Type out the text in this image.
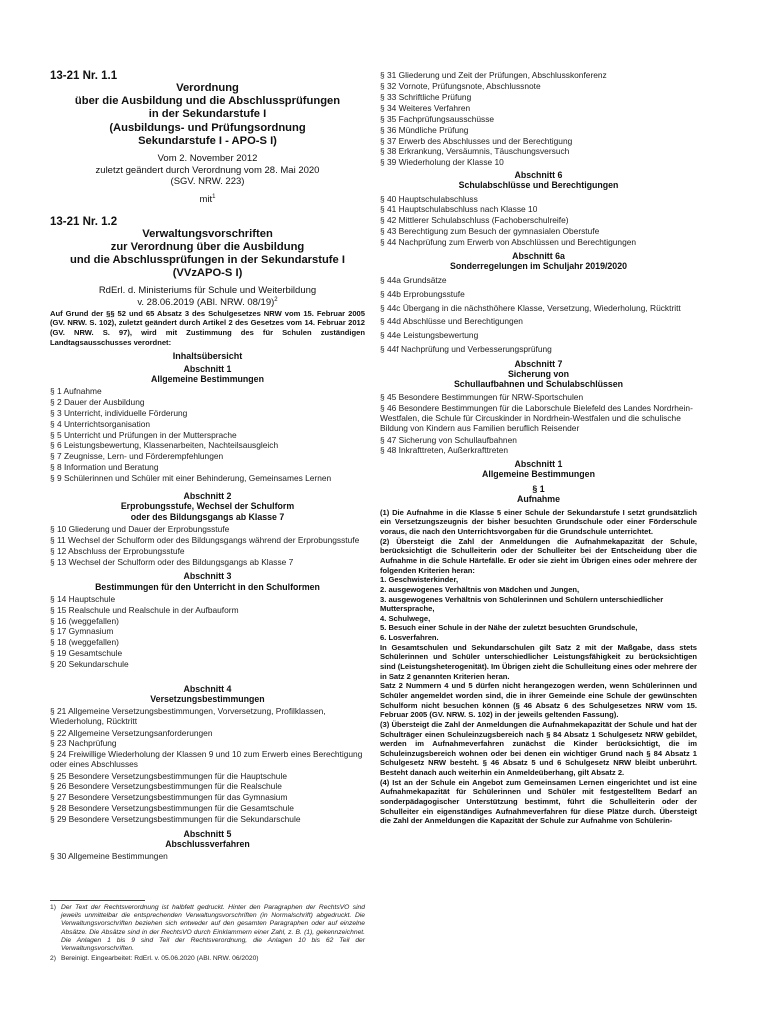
13-21 Nr. 1.1

Verordnung
über die Ausbildung und die Abschlussprüfungen
in der Sekundarstufe I
(Ausbildungs- und Prüfungsordnung
Sekundarstufe I - APO-S I)
Vom 2. November 2012
zuletzt geändert durch Verordnung vom 28. Mai 2020
(SGV. NRW. 223)
mit$^1$

13-21 Nr. 1.2

Verwaltungsvorschriften
zur Verordnung über die Ausbildung
und die Abschlussprüfungen in der Sekundarstufe I
(VVzAPO-S I)
RdErl. d. Ministeriums für Schule und Weiterbildung
v. 28.06.2019 (ABl. NRW. 08/19)$^2$

Auf Grund der §§ 52 und 65 Absatz 3 des Schulgesetzes NRW vom 15. Februar 2005 (GV. NRW. S. 102), zuletzt geändert durch Artikel 2 des Gesetzes vom 14. Februar 2012 (GV. NRW. S. 97), wird mit Zustimmung des für Schulen zuständigen Landtagsausschusses verordnet:

Inhaltsübersicht
Abschnitt 1
Allgemeine Bestimmungen

§ 1 Aufnahme

§ 2 Dauer der Ausbildung

§ 3 Unterricht, individuelle Förderung

§ 4 Unterrichtsorganisation

§ 5 Unterricht und Prüfungen in der Muttersprache

§ 6 Leistungsbewertung, Klassenarbeiten, Nachteilsausgleich

§ 7 Zeugnisse, Lern- und Förderempfehlungen

§ 8 Information und Beratung

§ 9 Schülerinnen und Schüler mit einer Behinderung, Gemeinsames Lernen

Abschnitt 2
Erprobungsstufe, Wechsel der Schulform
oder des Bildungsgangs ab Klasse 7

§ 10 Gliederung und Dauer der Erprobungsstufe

§ 11 Wechsel der Schulform oder des Bildungsgangs während der Erprobungsstufe

§ 12 Abschluss der Erprobungsstufe

§ 13 Wechsel der Schulform oder des Bildungsgangs ab Klasse 7

Abschnitt 3
Bestimmungen für den Unterricht in den Schulformen

§ 14 Hauptschule

§ 15 Realschule und Realschule in der Aufbauform

§ 16 (weggefallen)

§ 17 Gymnasium

§ 18 (weggefallen)

§ 19 Gesamtschule

§ 20 Sekundarschule

Abschnitt 4
Versetzungsbestimmungen

§ 21 Allgemeine Versetzungsbestimmungen, Vorversetzung, Profilklassen, Wiederholung, Rücktritt

§ 22 Allgemeine Versetzungsanforderungen

§ 23 Nachprüfung

§ 24 Freiwillige Wiederholung der Klassen 9 und 10 zum Erwerb eines Berechtigung oder eines Abschlusses

§ 25 Besondere Versetzungsbestimmungen für die Hauptschule

§ 26 Besondere Versetzungsbestimmungen für die Realschule

§ 27 Besondere Versetzungsbestimmungen für das Gymnasium

§ 28 Besondere Versetzungsbestimmungen für die Gesamtschule

§ 29 Besondere Versetzungsbestimmungen für die Sekundarschule

Abschnitt 5
Abschlussverfahren

§ 30 Allgemeine Bestimmungen

1) Der Text der Rechtsverordnung ist halbfett gedruckt. Hinter den Paragraphen der RechtsVO sind jeweils unmittelbar die entsprechenden Verwaltungsvorschriften (in Normalschrift) abgedruckt. Die Verwaltungsvorschriften beziehen sich entweder auf den gesamten Paragraphen oder auf einzelne Absätze. Die Absätze sind in der RechtsVO durch Einklammern einer Zahl, z. B. (1), gekennzeichnet. Die Anlagen 1 bis 9 sind Teil der Rechtsverordnung, die Anlagen 10 bis 62 Teil der Verwaltungsvorschriften.
2) Bereinigt. Eingearbeitet: RdErl. v. 05.06.2020 (ABl. NRW. 06/2020)

§ 31 Gliederung und Zeit der Prüfungen, Abschlusskonferenz

§ 32 Vornote, Prüfungsnote, Abschlussnote

§ 33 Schriftliche Prüfung

§ 34 Weiteres Verfahren

§ 35 Fachprüfungsausschüsse

§ 36 Mündliche Prüfung

§ 37 Erwerb des Abschlusses und der Berechtigung

§ 38 Erkrankung, Versäumnis, Täuschungsversuch

§ 39 Wiederholung der Klasse 10

Abschnitt 6
Schulabschlüsse und Berechtigungen

§ 40 Hauptschulabschluss

§ 41 Hauptschulabschluss nach Klasse 10

§ 42 Mittlerer Schulabschluss (Fachoberschulreife)

§ 43 Berechtigung zum Besuch der gymnasialen Oberstufe

§ 44 Nachprüfung zum Erwerb von Abschlüssen und Berechtigungen

Abschnitt 6a
Sonderregelungen im Schuljahr 2019/2020

§ 44a Grundsätze

§ 44b Erprobungsstufe

§ 44c Übergang in die nächsthöhere Klasse, Versetzung, Wiederholung, Rücktritt

§ 44d Abschlüsse und Berechtigungen

§ 44e Leistungsbewertung

§ 44f Nachprüfung und Verbesserungsprüfung

Abschnitt 7
Sicherung von
Schullaufbahnen und Schulabschlüssen

§ 45 Besondere Bestimmungen für NRW-Sportschulen

§ 46 Besondere Bestimmungen für die Laborschule Bielefeld des Landes Nordrhein-Westfalen, die Schule für Circuskinder in Nordrhein-Westfalen und die schulische Bildung von Kindern aus Familien beruflich Reisender

§ 47 Sicherung von Schullaufbahnen

§ 48 Inkrafttreten, Außerkrafttreten

Abschnitt 1
Allgemeine Bestimmungen
§ 1
Aufnahme

(1) Die Aufnahme in die Klasse 5 einer Schule der Sekundarstufe I setzt grundsätzlich ein Versetzungszeugnis der bisher besuchten Grundschule oder einer Förderschule voraus, die nach den Unterrichtsvorgaben für die Grundschule unterrichtet.

(2) Übersteigt die Zahl der Anmeldungen die Aufnahmekapazität der Schule, berücksichtigt die Schulleiterin oder der Schulleiter bei der Entscheidung über die Aufnahme in die Schule Härtefälle. Er oder sie zieht im Übrigen eines oder mehrere der folgenden Kriterien heran:

1. Geschwisterkinder,

2. ausgewogenes Verhältnis von Mädchen und Jungen,

3. ausgewogenes Verhältnis von Schülerinnen und Schülern unterschiedlicher Muttersprache,

4. Schulwege,

5. Besuch einer Schule in der Nähe der zuletzt besuchten Grundschule,

6. Losverfahren.

In Gesamtschulen und Sekundarschulen gilt Satz 2 mit der Maßgabe, dass stets Schülerinnen und Schüler unterschiedlicher Leistungsfähigkeit zu berücksichtigen sind (Leistungsheterogenität). Im Übrigen zieht die Schulleitung eines oder mehrere der in Satz 2 genannten Kriterien heran.

Satz 2 Nummern 4 und 5 dürfen nicht herangezogen werden, wenn Schülerinnen und Schüler angemeldet worden sind, die in ihrer Gemeinde eine Schule der gewünschten Schulform nicht besuchen können (§ 46 Absatz 6 des Schulgesetzes NRW vom 15. Februar 2005 (GV. NRW. S. 102) in der jeweils geltenden Fassung).

(3) Übersteigt die Zahl der Anmeldungen die Aufnahmekapazität der Schule und hat der Schulträger einen Schuleinzugsbereich nach § 84 Absatz 1 Schulgesetz NRW gebildet, werden im Aufnahmeverfahren zunächst die Kinder berücksichtigt, die im Schuleinzugsbereich wohnen oder bei denen ein wichtiger Grund nach § 84 Absatz 1 Schulgesetz NRW besteht. § 46 Absatz 5 und 6 Schulgesetz NRW bleibt unberührt. Besteht danach auch weiterhin ein Anmeldeüberhang, gilt Absatz 2.

(4) Ist an der Schule ein Angebot zum Gemeinsamen Lernen eingerichtet und ist eine Aufnahmekapazität für Schülerinnen und Schüler mit festgestelltem Bedarf an sonderpädagogischer Unterstützung bestimmt, führt die Schulleiterin oder der Schulleiter ein eigenständiges Aufnahmeverfahren für diese Plätze durch. Übersteigt die Zahl der Anmeldungen die Kapazität der Schule zur Aufnahme von Schülerin-
